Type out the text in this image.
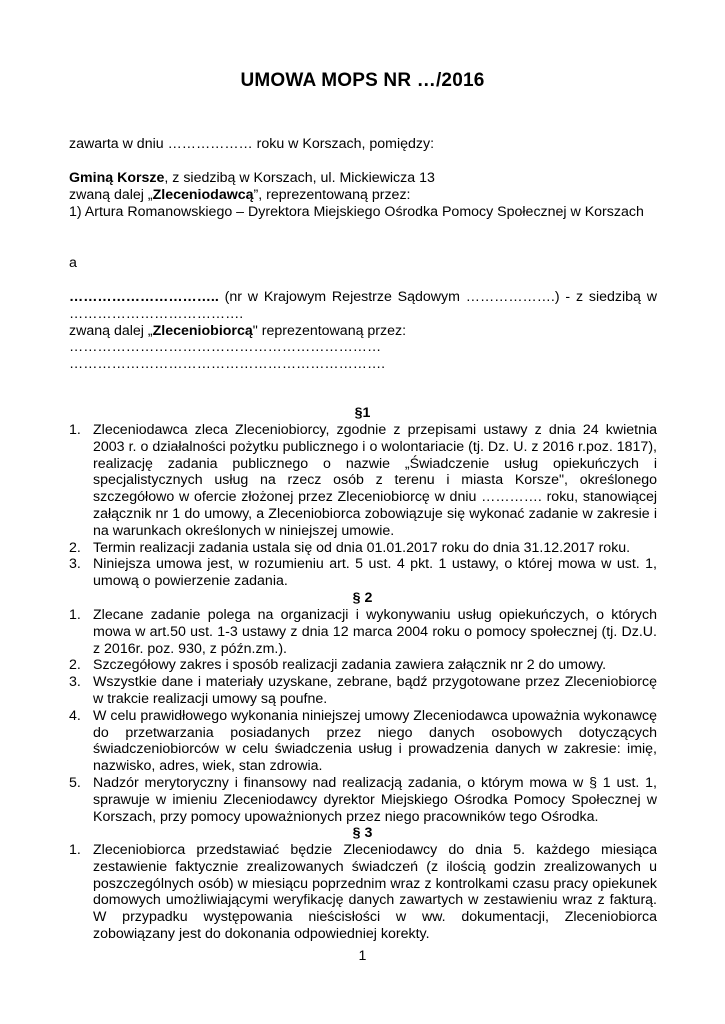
UMOWA MOPS NR …/2016
zawarta w dniu ……………… roku w Korszach, pomiędzy:
Gminą Korsze, z siedzibą w Korszach, ul. Mickiewicza 13
zwaną dalej „Zleceniodawcą”, reprezentowaną przez:
1) Artura Romanowskiego – Dyrektora Miejskiego Ośrodka Pomocy Społecznej w Korszach
a
………………………….. (nr w Krajowym Rejestrze Sądowym ……………….) - z siedzibą w ……………………………….
zwaną dalej „Zleceniobiorcą" reprezentowaną przez:
…………………………………………………………
………………………………………………………….
§1
1. Zleceniodawca zleca Zleceniobiorcy, zgodnie z przepisami ustawy z dnia 24 kwietnia 2003 r. o działalności pożytku publicznego i o wolontariacie (tj. Dz. U. z 2016 r.poz. 1817), realizację zadania publicznego o nazwie „Świadczenie usług opiekuńczych i specjalistycznych usług na rzecz osób z terenu i miasta Korsze", określonego szczegółowo w ofercie złożonej przez Zleceniobiorcę w dniu …………. roku, stanowiącej załącznik nr 1 do umowy, a Zleceniobiorca zobowiązuje się wykonać zadanie w zakresie i na warunkach określonych w niniejszej umowie.
2. Termin realizacji zadania ustala się od dnia 01.01.2017 roku do dnia 31.12.2017 roku.
3. Niniejsza umowa jest, w rozumieniu art. 5 ust. 4 pkt. 1 ustawy, o której mowa w ust. 1, umową o powierzenie zadania.
§ 2
1. Zlecane zadanie polega na organizacji i wykonywaniu usług opiekuńczych, o których mowa w art.50 ust. 1-3 ustawy z dnia 12 marca 2004 roku o pomocy społecznej (tj. Dz.U. z 2016r. poz. 930, z późn.zm.).
2. Szczegółowy zakres i sposób realizacji zadania zawiera załącznik nr 2 do umowy.
3. Wszystkie dane i materiały uzyskane, zebrane, bądź przygotowane przez Zleceniobiorcę w trakcie realizacji umowy są poufne.
4. W celu prawidłowego wykonania niniejszej umowy Zleceniodawca upoważnia wykonawcę do przetwarzania posiadanych przez niego danych osobowych dotyczących świadczeniobiorców w celu świadczenia usług i prowadzenia danych w zakresie: imię, nazwisko, adres, wiek, stan zdrowia.
5. Nadzór merytoryczny i finansowy nad realizacją zadania, o którym mowa w § 1 ust. 1, sprawuje w imieniu Zleceniodawcy dyrektor Miejskiego Ośrodka Pomocy Społecznej w Korszach, przy pomocy upoważnionych przez niego pracowników tego Ośrodka.
§ 3
1. Zleceniobiorca przedstawiać będzie Zleceniodawcy do dnia 5. każdego miesiąca zestawienie faktycznie zrealizowanych świadczeń (z ilością godzin zrealizowanych u poszczególnych osób) w miesiącu poprzednim wraz z kontrolkami czasu pracy opiekunek domowych umożliwiającymi weryfikację danych zawartych w zestawieniu wraz z fakturą. W przypadku występowania nieścisłości w ww. dokumentacji, Zleceniobiorca zobowiązany jest do dokonania odpowiedniej korekty.
1
